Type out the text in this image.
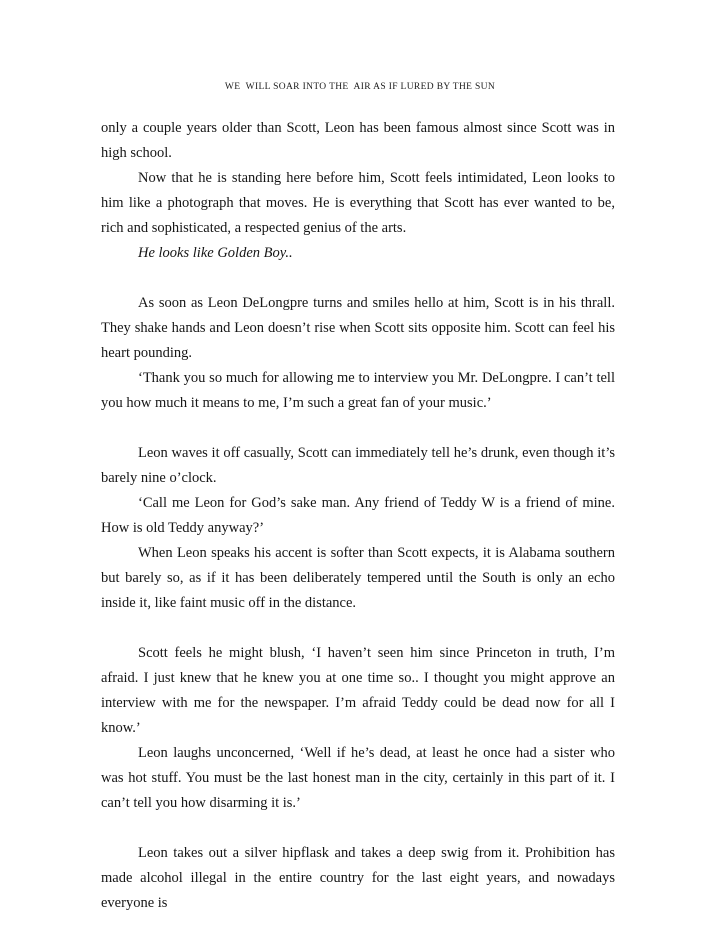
WE  WILL SOAR INTO THE  AIR AS IF LURED BY THE SUN

only a couple years older than Scott, Leon has been famous almost since Scott was in high school.

Now that he is standing here before him, Scott feels intimidated, Leon looks to him like a photograph that moves. He is everything that Scott has ever wanted to be, rich and sophisticated, a respected genius of the arts.

He looks like Golden Boy..

As soon as Leon DeLongpre turns and smiles hello at him, Scott is in his thrall. They shake hands and Leon doesn’t rise when Scott sits opposite him. Scott can feel his heart pounding.

‘Thank you so much for allowing me to interview you Mr. DeLongpre. I can’t tell you how much it means to me, I’m such a great fan of your music.’

Leon waves it off casually, Scott can immediately tell he’s drunk, even though it’s barely nine o’clock.

‘Call me Leon for God’s sake man. Any friend of Teddy W is a friend of mine. How is old Teddy anyway?’

When Leon speaks his accent is softer than Scott expects, it is Alabama southern but barely so, as if it has been deliberately tempered until the South is only an echo inside it, like faint music off in the distance.

Scott feels he might blush, ‘I haven’t seen him since Princeton in truth, I’m afraid. I just knew that he knew you at one time so.. I thought you might approve an interview with me for the newspaper. I’m afraid Teddy could be dead now for all I know.’

Leon laughs unconcerned, ‘Well if he’s dead, at least he once had a sister who was hot stuff. You must be the last honest man in the city, certainly in this part of it. I can’t tell you how disarming it is.’

Leon takes out a silver hipflask and takes a deep swig from it. Prohibition has made alcohol illegal in the entire country for the last eight years, and nowadays everyone is
